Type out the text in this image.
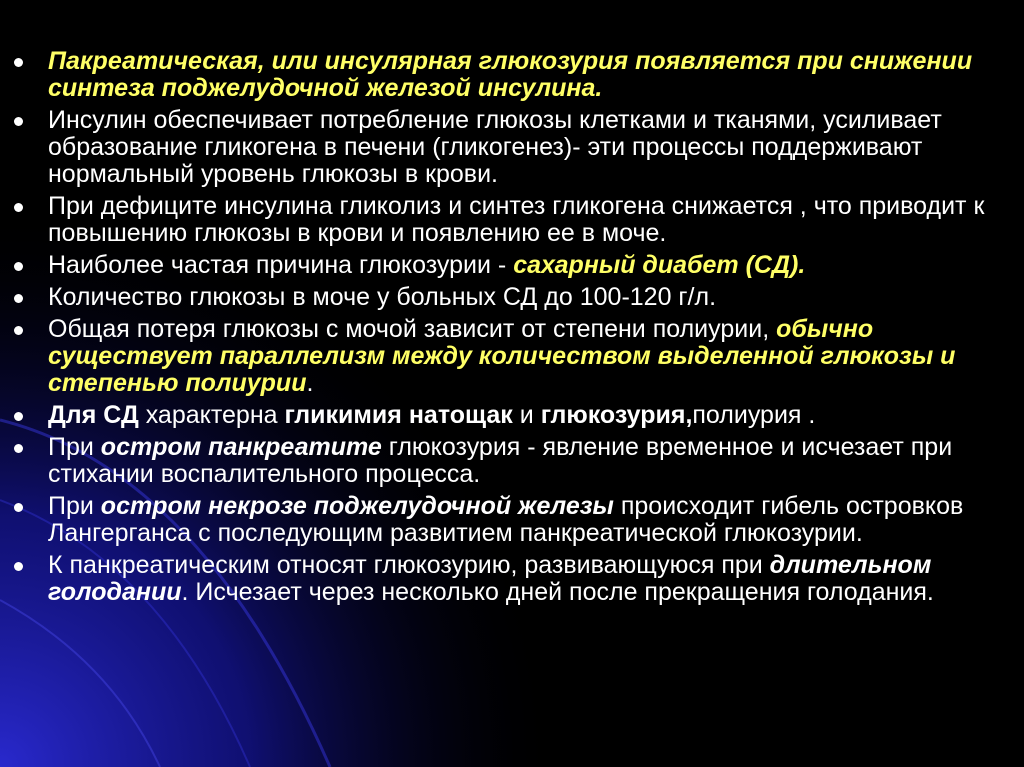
Пакреатическая, или инсулярная глюкозурия появляется при снижении синтеза поджелудочной железой инсулина.
Инсулин обеспечивает потребление глюкозы клетками и тканями, усиливает образование гликогена в печени (гликогенез)- эти процессы поддерживают нормальный уровень глюкозы в крови.
При дефиците инсулина гликолиз и синтез гликогена снижается , что приводит к повышению глюкозы в крови и появлению ее в моче.
Наиболее частая причина глюкозурии - сахарный диабет (СД).
Количество глюкозы в моче у больных СД до 100-120 г/л.
Общая потеря глюкозы с мочой зависит от степени полиурии, обычно существует параллелизм между количеством выделенной глюкозы и степенью полиурии.
Для СД характерна гликимия натощак и глюкозурия,полиурия .
При остром панкреатите глюкозурия - явление временное и исчезает при стихании воспалительного процесса.
При остром некрозе поджелудочной железы происходит гибель островков Лангерганса с последующим развитием панкреатической глюкозурии.
К панкреатическим относят глюкозурию, развивающуюся при длительном голодании. Исчезает через несколько дней после прекращения голодания.
